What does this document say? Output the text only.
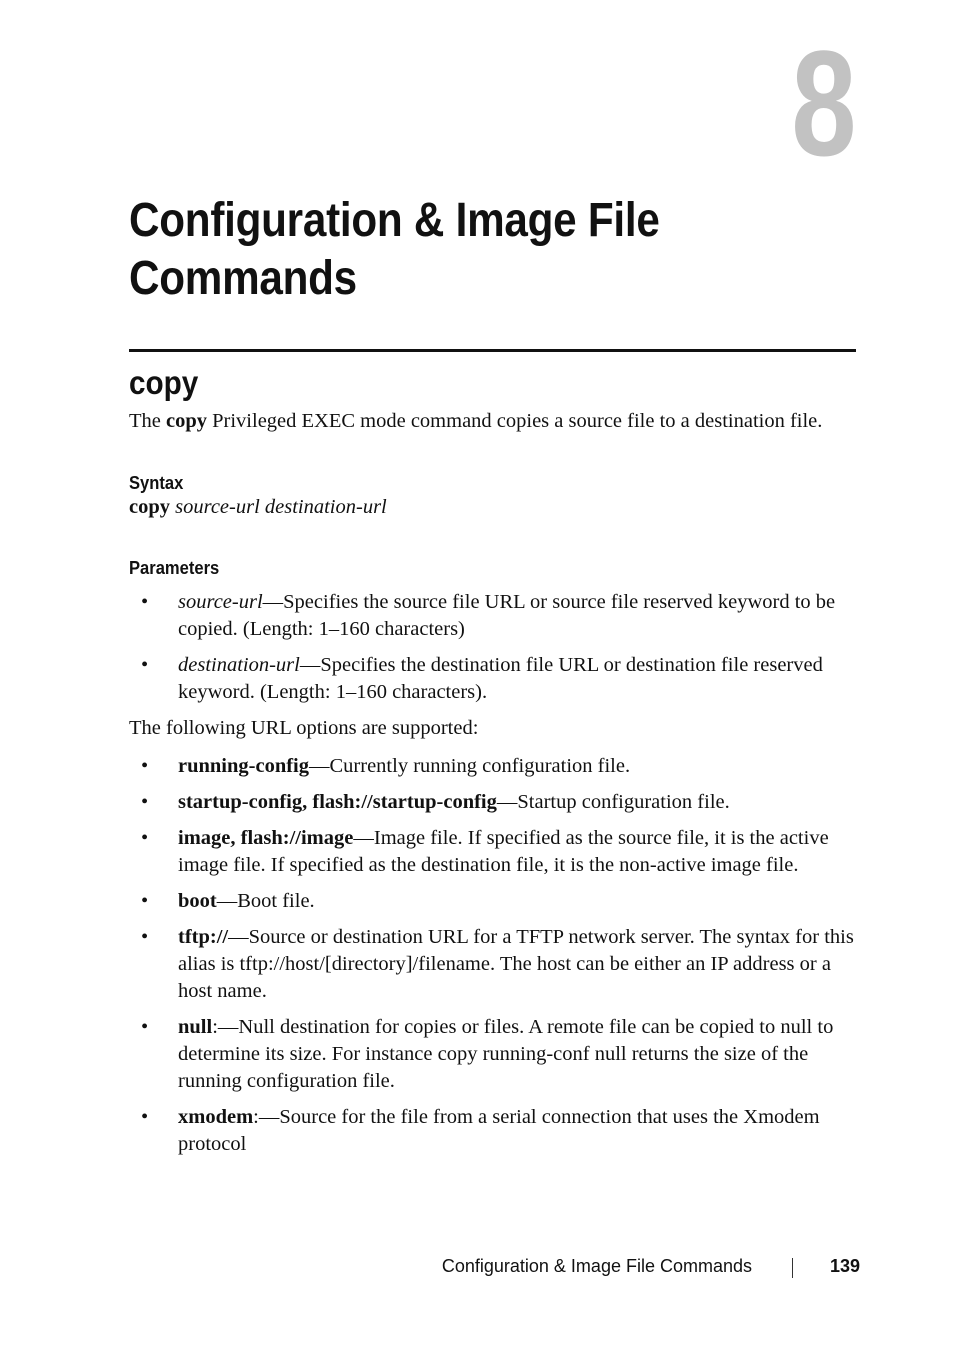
8
Configuration & Image File Commands
copy

The copy Privileged EXEC mode command copies a source file to a destination file.

Syntax

copy source-url destination-url

Parameters
• source-url—Specifies the source file URL or source file reserved keyword to be copied. (Length: 1–160 characters)
• destination-url—Specifies the destination file URL or destination file reserved keyword. (Length: 1–160 characters).

The following URL options are supported:

• running-config—Currently running configuration file.
• startup-config, flash://startup-config—Startup configuration file.
• image, flash://image—Image file. If specified as the source file, it is the active image file. If specified as the destination file, it is the non-active image file.
• boot—Boot file.
• tftp://—Source or destination URL for a TFTP network server. The syntax for this alias is tftp://host/[directory]/filename. The host can be either an IP address or a host name.
• null:—Null destination for copies or files. A remote file can be copied to null to determine its size. For instance copy running-conf null returns the size of the running configuration file.
• xmodem:—Source for the file from a serial connection that uses the Xmodem protocol
Configuration & Image File Commands	139
